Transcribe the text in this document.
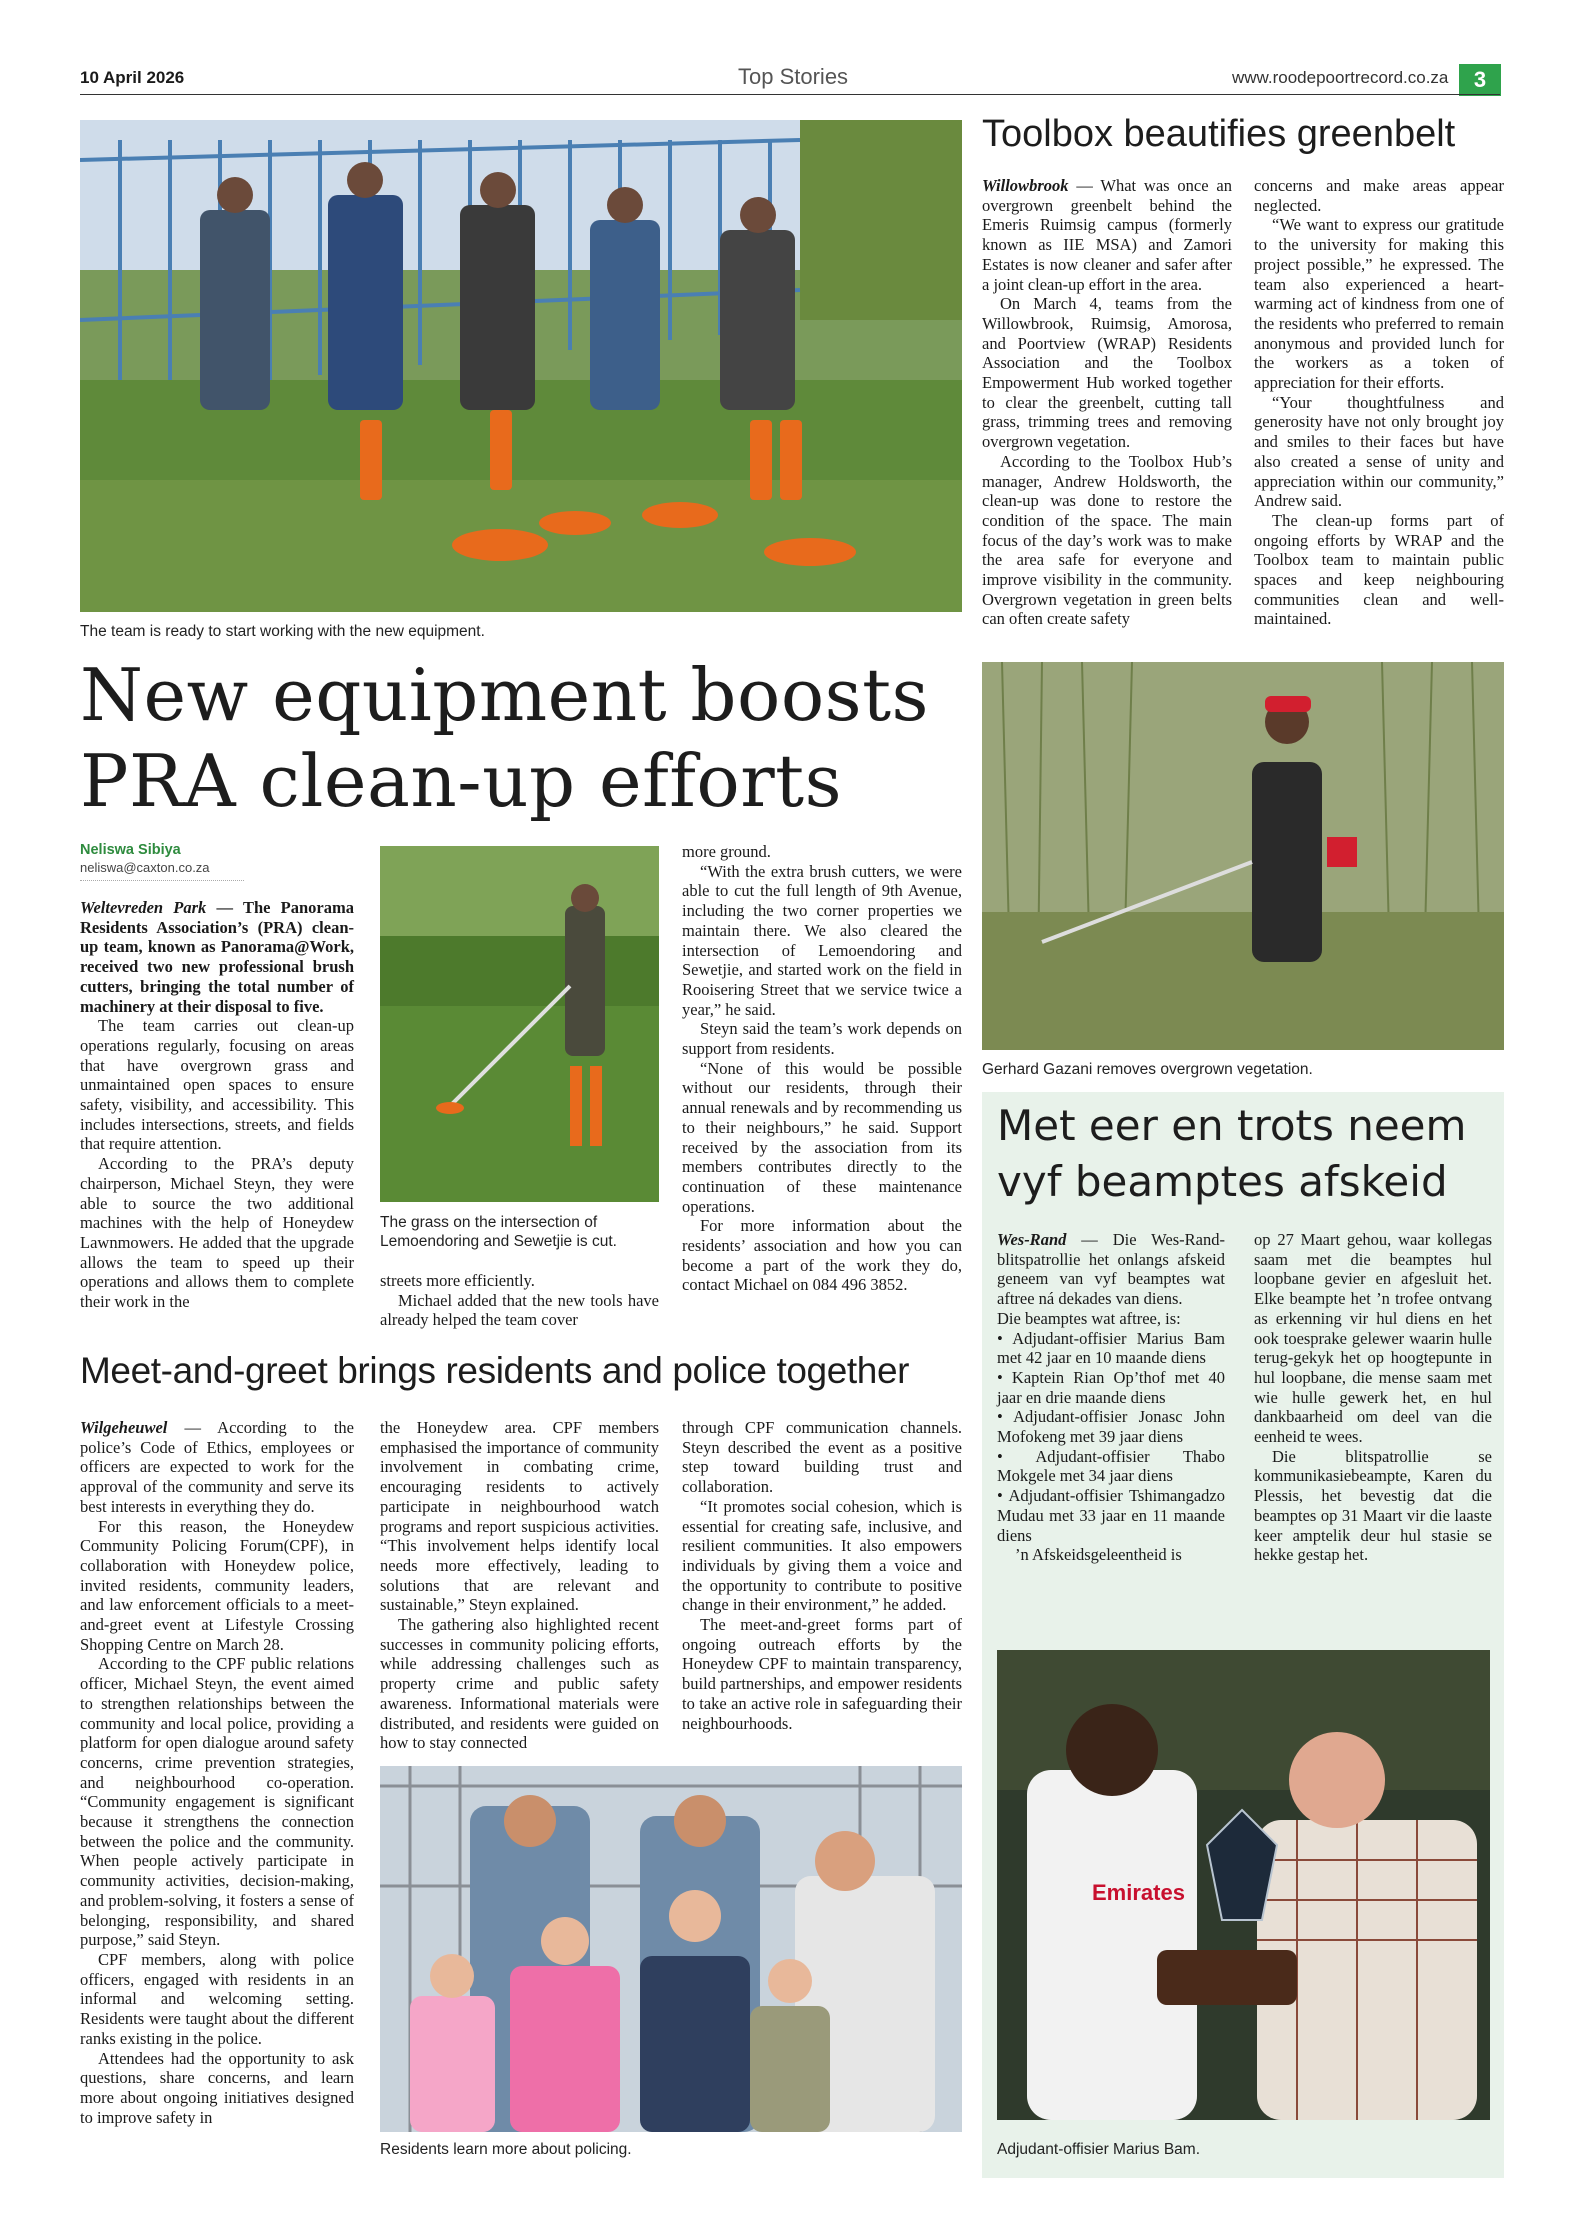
10 April 2026	Top Stories	www.roodepoortrecord.co.za	3
The team is ready to start working with the new equipment.
New equipment boosts PRA clean-up efforts
Neliswa Sibiya
neliswa@caxton.co.za

Weltevreden Park — The Panorama Residents Association’s (PRA) clean-up team, known as Panorama@Work, received two new professional brush cutters, bringing the total number of machinery at their disposal to five.

The team carries out clean-up operations regularly, focusing on areas that have overgrown grass and unmaintained open spaces to ensure safety, visibility, and accessibility. This includes intersections, streets, and fields that require attention.

According to the PRA’s deputy chairperson, Michael Steyn, they were able to source the two additional machines with the help of Honeydew Lawnmowers. He added that the upgrade allows the team to speed up their operations and allows them to complete their work in the

The grass on the intersection of Lemoendoring and Sewetjie is cut.

streets more efficiently.

Michael added that the new tools have already helped the team cover

more ground.

“With the extra brush cutters, we were able to cut the full length of 9th Avenue, including the two corner properties we maintain there. We also cleared the intersection of Lemoendoring and Sewetjie, and started work on the field in Rooisering Street that we service twice a year,” he said.

Steyn said the team’s work depends on support from residents.

“None of this would be possible without our residents, through their annual renewals and by recommending us to their neighbours,” he said. Support received by the association from its members contributes directly to the continuation of these maintenance operations.

For more information about the residents’ association and how you can become a part of the work they do, contact Michael on 084 496 3852.

Toolbox beautifies greenbelt

Willowbrook — What was once an overgrown greenbelt behind the Emeris Ruimsig campus (formerly known as IIE MSA) and Zamori Estates is now cleaner and safer after a joint clean-up effort in the area.

On March 4, teams from the Willowbrook, Ruimsig, Amorosa, and Poortview (WRAP) Residents Association and the Toolbox Empowerment Hub worked together to clear the greenbelt, cutting tall grass, trimming trees and removing overgrown vegetation.

According to the Toolbox Hub’s manager, Andrew Holdsworth, the clean-up was done to restore the condition of the space. The main focus of the day’s work was to make the area safe for everyone and improve visibility in the community. Overgrown vegetation in green belts can often create safety

concerns and make areas appear neglected.

“We want to express our gratitude to the university for making this project possible,” he expressed. The team also experienced a heart-warming act of kindness from one of the residents who preferred to remain anonymous and provided lunch for the workers as a token of appreciation for their efforts.

“Your thoughtfulness and generosity have not only brought joy and smiles to their faces but have also created a sense of unity and appreciation within our community,” Andrew said.

The clean-up forms part of ongoing efforts by WRAP and the Toolbox team to maintain public spaces and keep neighbouring communities clean and well-maintained.

Gerhard Gazani removes overgrown vegetation.
Meet-and-greet brings residents and police together

Wilgeheuwel — According to the police’s Code of Ethics, employees or officers are expected to work for the approval of the community and serve its best interests in everything they do.

For this reason, the Honeydew Community Policing Forum(CPF), in collaboration with Honeydew police, invited residents, community leaders, and law enforcement officials to a meet-and-greet event at Lifestyle Crossing Shopping Centre on March 28.

According to the CPF public relations officer, Michael Steyn, the event aimed to strengthen relationships between the community and local police, providing a platform for open dialogue around safety concerns, crime prevention strategies, and neighbourhood co-operation. “Community engagement is significant because it strengthens the connection between the police and the community. When people actively participate in community activities, decision-making, and problem-solving, it fosters a sense of belonging, responsibility, and shared purpose,” said Steyn.

CPF members, along with police officers, engaged with residents in an informal and welcoming setting. Residents were taught about the different ranks existing in the police.

Attendees had the opportunity to ask questions, share concerns, and learn more about ongoing initiatives designed to improve safety in

the Honeydew area. CPF members emphasised the importance of community involvement in combating crime, encouraging residents to actively participate in neighbourhood watch programs and report suspicious activities. “This involvement helps identify local needs more effectively, leading to solutions that are relevant and sustainable,” Steyn explained.

The gathering also highlighted recent successes in community policing efforts, while addressing challenges such as property crime and public safety awareness. Informational materials were distributed, and residents were guided on how to stay connected

through CPF communication channels. Steyn described the event as a positive step toward building trust and collaboration.

“It promotes social cohesion, which is essential for creating safe, inclusive, and resilient communities. It also empowers individuals by giving them a voice and the opportunity to contribute to positive change in their environment,” he added.

The meet-and-greet forms part of ongoing outreach efforts by the Honeydew CPF to maintain transparency, build partnerships, and empower residents to take an active role in safeguarding their neighbourhoods.

Residents learn more about policing.
Met eer en trots neem
vyf beamptes afskeid

Wes-Rand — Die Wes-Rand-blitspatrollie het onlangs afskeid geneem van vyf beamptes wat aftree ná dekades van diens.

Die beamptes wat aftree, is:

• Adjudant-offisier Marius Bam met 42 jaar en 10 maande diens

• Kaptein Rian Op’thof met 40 jaar en drie maande diens

• Adjudant-offisier Jonasc John Mofokeng met 39 jaar diens

• Adjudant-offisier Thabo Mokgele met 34 jaar diens

• Adjudant-offisier Tshimangadzo Mudau met 33 jaar en 11 maande diens

’n Afskeidsgeleentheid is

op 27 Maart gehou, waar kollegas saam met die beamptes hul loopbane gevier en afgesluit het. Elke beampte het ’n trofee ontvang as erkenning vir hul diens en het ook toesprake gelewer waarin hulle terug-gekyk het op hoogtepunte in hul loopbane, die mense saam met wie hulle gewerk het, en hul dankbaarheid om deel van die eenheid te wees.

Die blitspatrollie se kommunikasiebeampte, Karen du Plessis, het bevestig dat die beamptes op 31 Maart vir die laaste keer amptelik deur hul stasie se hekke gestap het.

Emirates
Adjudant-offisier Marius Bam.
